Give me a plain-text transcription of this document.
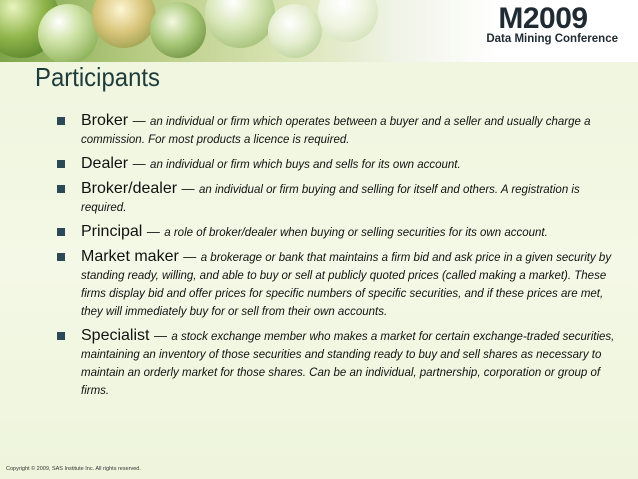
M2009
Data Mining Conference
Participants
Broker — an individual or firm which operates between a buyer and a seller and usually charge a commission. For most products a licence is required.
Dealer — an individual or firm which buys and sells for its own account.
Broker/dealer — an individual or firm buying and selling for itself and others. A registration is required.
Principal — a role of broker/dealer when buying or selling securities for its own account.
Market maker — a brokerage or bank that maintains a firm bid and ask price in a given security by standing ready, willing, and able to buy or sell at publicly quoted prices (called making a market). These firms display bid and offer prices for specific numbers of specific securities, and if these prices are met, they will immediately buy for or sell from their own accounts.
Specialist — a stock exchange member who makes a market for certain exchange-traded securities, maintaining an inventory of those securities and standing ready to buy and sell shares as necessary to maintain an orderly market for those shares. Can be an individual, partnership, corporation or group of firms.
Copyright © 2009, SAS Institute Inc. All rights reserved.
